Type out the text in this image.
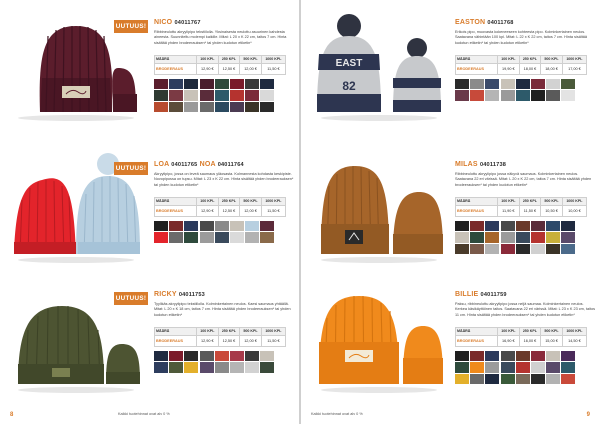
UUTUUS!
NICO 04011767
Ribbineulottu akryylipipo tekstiilolla. Yksinaisesta neulottu asuurinen kahdesta aineesta. Suunniteltu molempi kaikille. Mitat: L 20 x K 22 cm, taitos 7 cm. Hinta sisältää yhden brodeerauksen* tai yhden kudotun etiketin*
MÄÄRÄ	100 KPL	250 KPL	500 KPL	1000 KPL
BRODEERAUS	12,90 €	12,50 €	12,00 €	11,50 €
UUTUUS!
LOA 04011765 NOA 04011764
Akryylipipo, jossa on leveä saumaus yläosasta. Kolmannesta kohdasta keskipiste. Novopipossa on tupsu. Mitat: L 23 x K 22 cm. Hinta sisältää yhden brodeerauksen* tai yhden kudotun etiketin*
MÄÄRÄ	100 KPL	250 KPL	500 KPL	1000 KPL
BRODEERAUS	12,90 €	12,50 €	12,00 €	11,50 €
UUTUUS!
RICKY 04011753
Tyylikäs akryylipipo tekstiilolla. Kolminkertainen neulos. Kaesi saumaus yhtäällä. Mitat: L 20 x K 18 cm, taitos 7 cm. Hinta sisältää yhden brodeerauksen* tai yhden kudotun etiketin*
MÄÄRÄ	100 KPL	250 KPL	500 KPL	1000 KPL
BRODEERAUS	12,90 €	12,50 €	12,00 €	11,50 €
8	Kaikki tuotehinnat ovat alv 0 %
EAST
82
EASTON 04011768
Erikois pipo, muovasta kokeneeseen kohteesta pipo. Kolminkertainen neulos. Saatavana vähintään 100 kpl. Mitat: L 22 x K 22 cm, taitos 7 cm. Hinta sisältää kudotun etiketin* tai yhden kudotun etiketin*
MÄÄRÄ	100 KPL	250 KPL	500 KPL	1000 KPL
BRODEERAUS	19,90 €	18,00 €	18,00 €	17,00 €
MILAS 04011738
Ribbineulottu akryylipipo jossa näkyvä saumaus. Kolminkertainen neulos. Saatavana 22 eri värissä. Mitat: L 20 x K 22 cm, taitos 7 cm. Hinta sisältää yhden brodeerauksen* tai yhden kudotun etiketin*
MÄÄRÄ	100 KPL	250 KPL	500 KPL	1000 KPL
BRODEERAUS	11,90 €	11,50 €	10,50 €	10,00 €
BILLIE 04011759
Paksu, ribbineulottu akryylipipo jossa neljä saumaa. Kolminkertainen neulos. Kerkea käsikäyttöinen taitos. Saatavana 22 eri värissä. Mitat: L 23 x K 23 cm, taitos 11 cm. Hinta sisältää yhden brodeerauksen* tai yhden kudotun etiketin*
MÄÄRÄ	100 KPL	250 KPL	500 KPL	1000 KPL
BRODEERAUS	16,90 €	16,00 €	15,00 €	14,50 €
Kaikki tuotehinnat ovat alv 0 %	9
